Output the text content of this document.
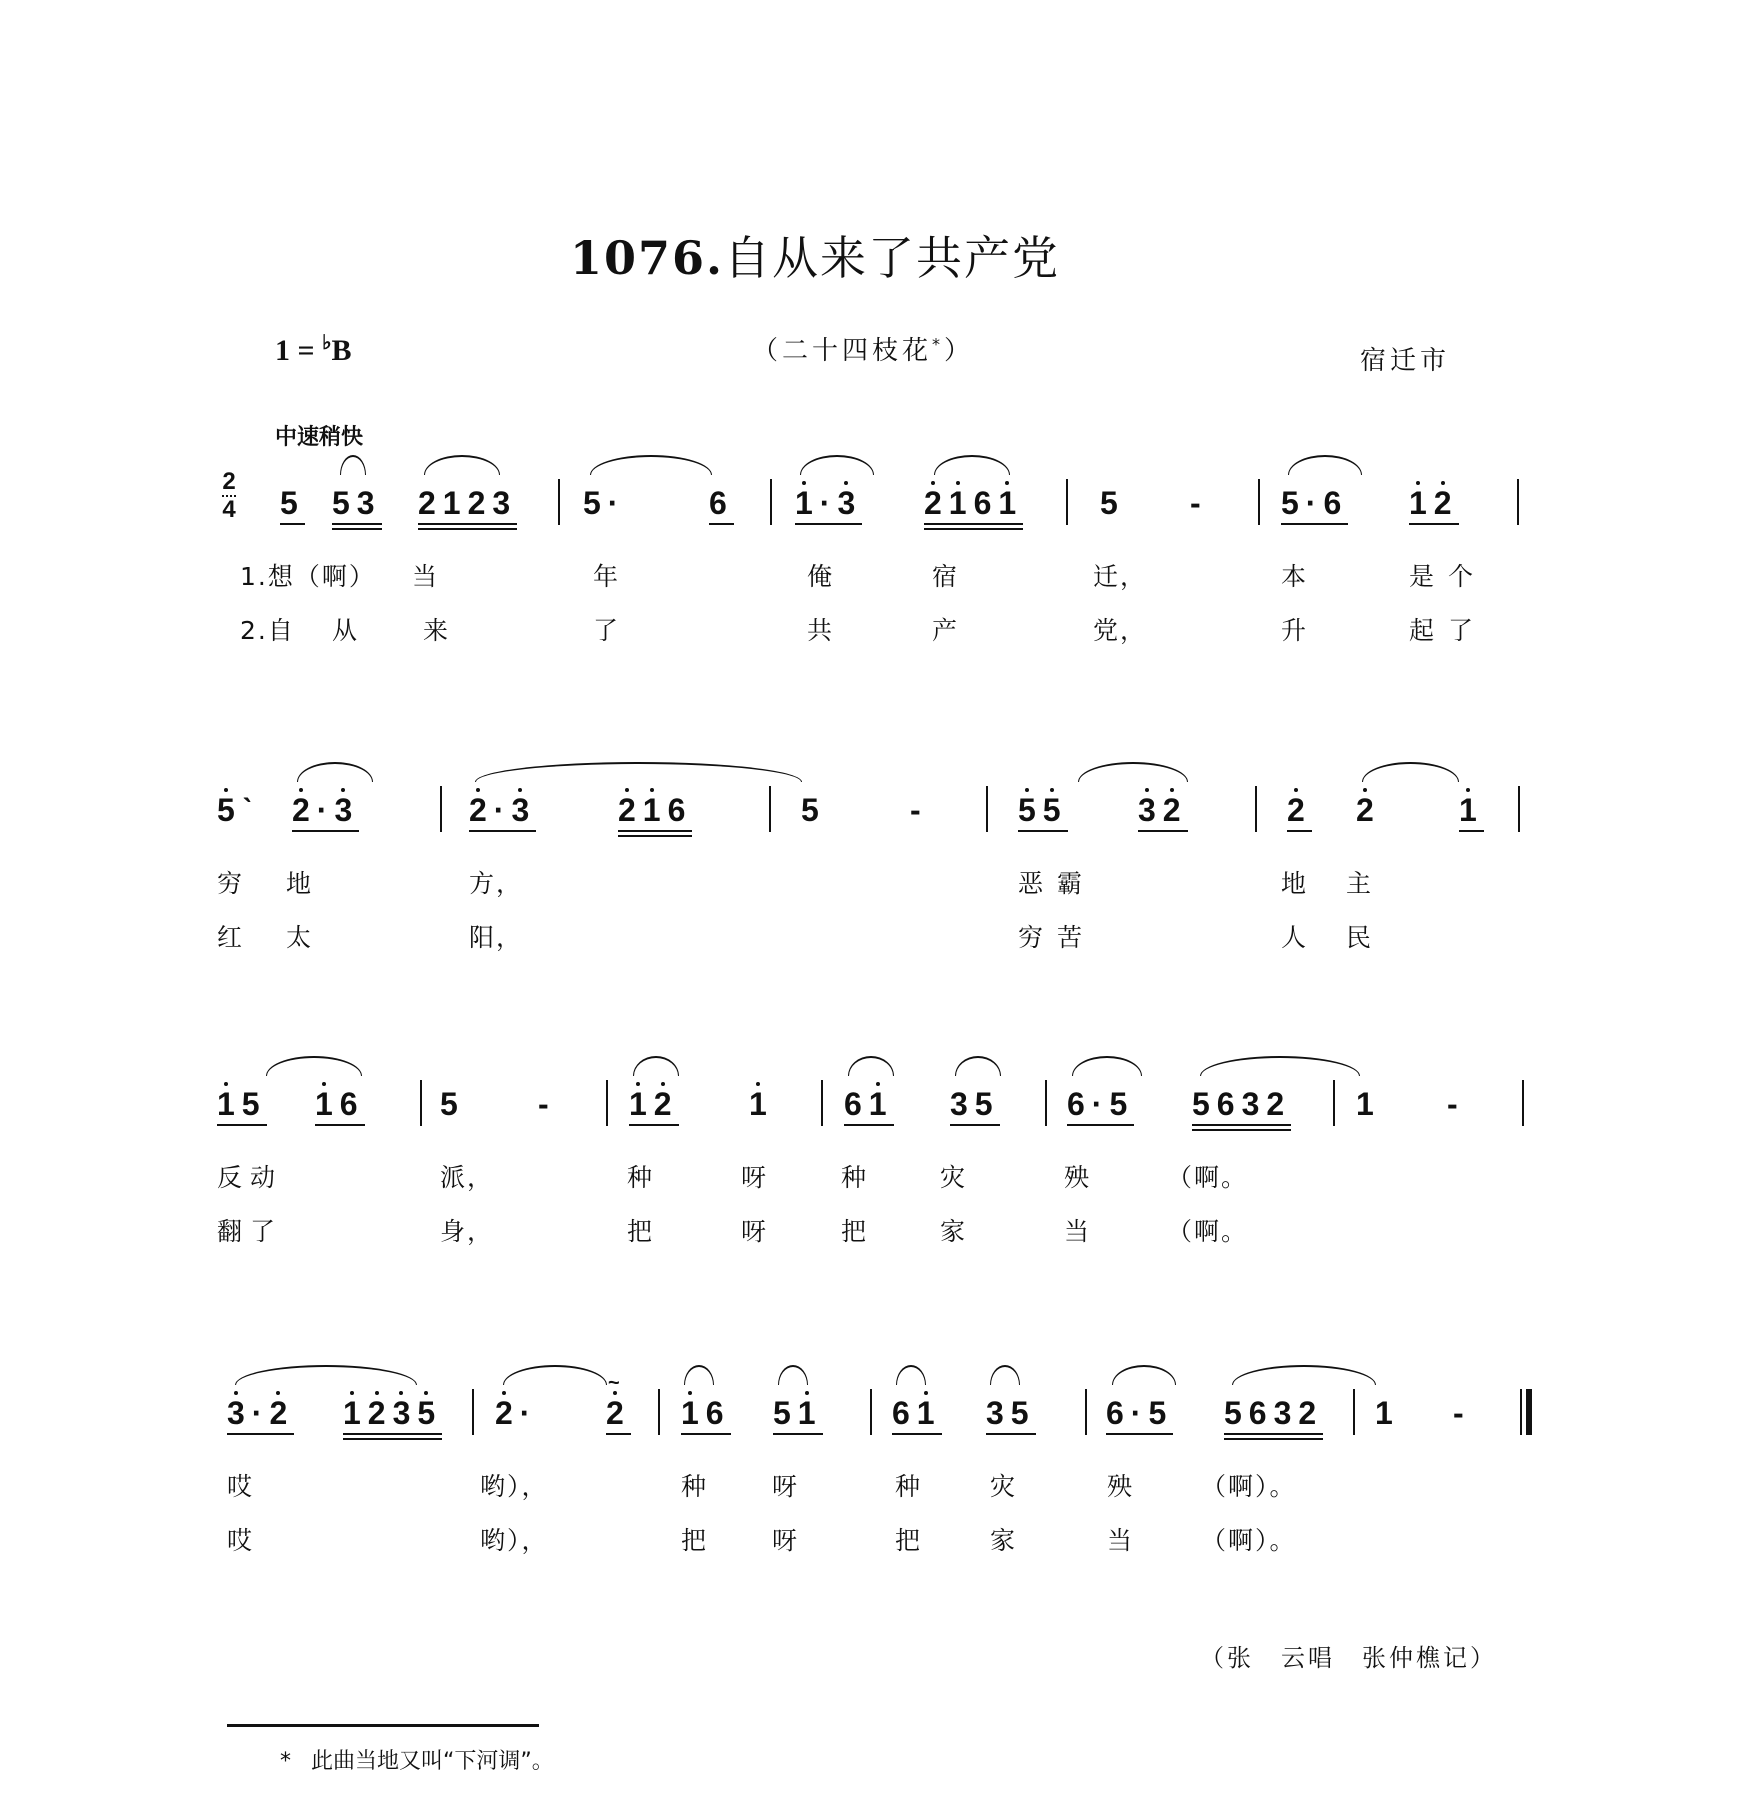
1076.自从来了共产党
1 = ♭B	（二十四枝花*）	宿迁市
中速稍快
2
4 5 53 2123 5·	6 1·3 2161 5 - 5·6 12
1.想（啊） 当	年	俺	宿	迁，	本	是个
2.自 从	来	了	共	产	党，	升	起了
5ˋ 2·3	2·3	216	5	-	55 32	2 2 1
穷 地	方，	恶霸	地主
红 太	阳，	穷苦	人民
15 16 5 - 12 1 61 35 6·5 5632 1 -
反动	派，	种	呀	种	灾	殃	（啊。
翻了	身，	把	呀	把	家	当	（啊。
3·2 1235 2· ~ 2 16 51 61 35 6·5 5632 1 -
哎	哟），	种	呀	种	灾	殃	（啊）。
哎	哟），	把	呀	把	家	当	（啊）。
（张　云唱　张仲樵记）
* 此曲当地又叫“下河调”。
